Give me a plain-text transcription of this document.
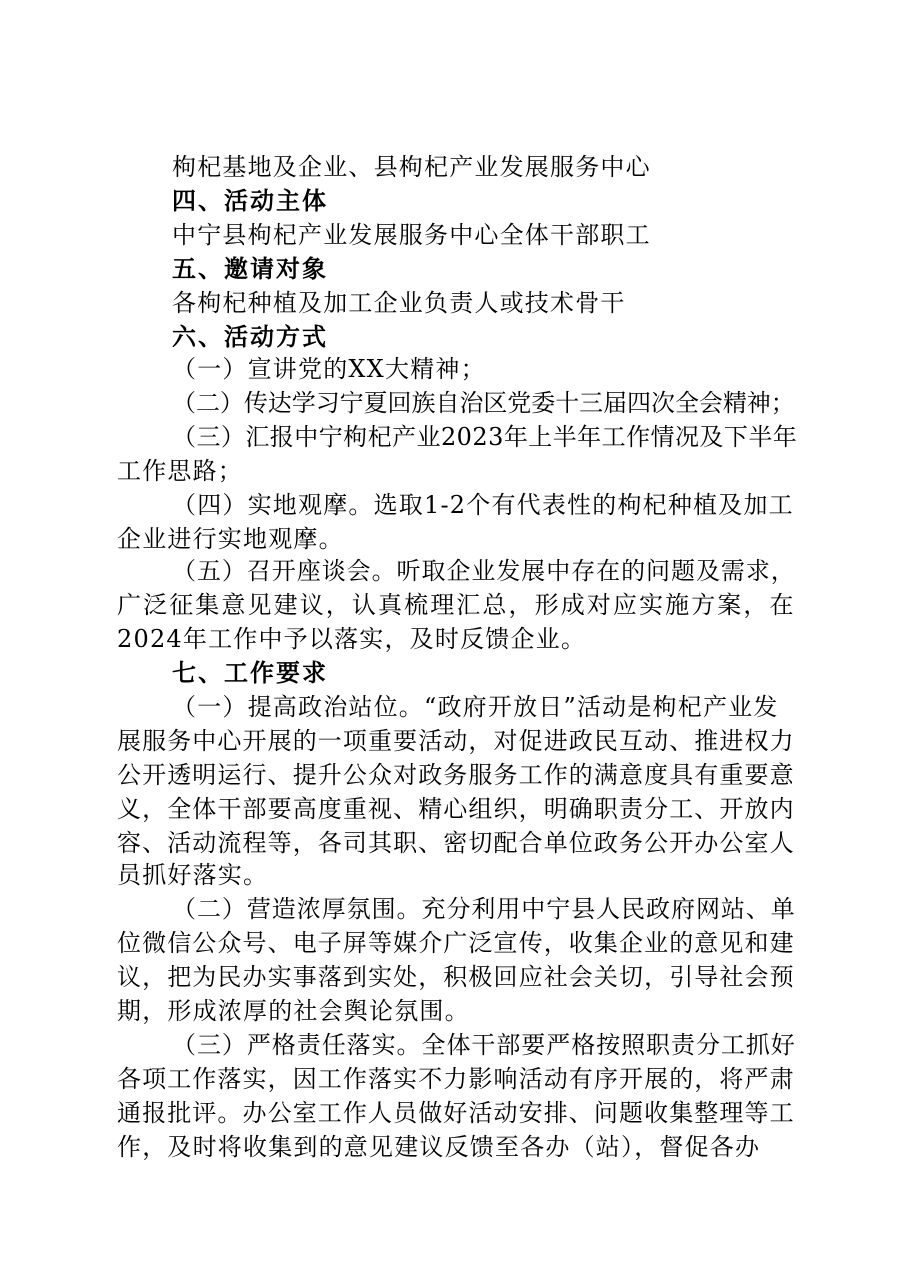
枸杞基地及企业、县枸杞产业发展服务中心

四、活动主体

中宁县枸杞产业发展服务中心全体干部职工

五、邀请对象

各枸杞种植及加工企业负责人或技术骨干

六、活动方式

（一）宣讲党的XX大精神；

（二）传达学习宁夏回族自治区党委十三届四次全会精神；

（三）汇报中宁枸杞产业2023年上半年工作情况及下半年

工作思路；

（四）实地观摩。选取1-2个有代表性的枸杞种植及加工

企业进行实地观摩。

（五）召开座谈会。听取企业发展中存在的问题及需求，

广泛征集意见建议，认真梳理汇总，形成对应实施方案，在

2024年工作中予以落实，及时反馈企业。

七、工作要求

（一）提高政治站位。“政府开放日”活动是枸杞产业发

展服务中心开展的一项重要活动，对促进政民互动、推进权力

公开透明运行、提升公众对政务服务工作的满意度具有重要意

义，全体干部要高度重视、精心组织，明确职责分工、开放内

容、活动流程等，各司其职、密切配合单位政务公开办公室人

员抓好落实。

（二）营造浓厚氛围。充分利用中宁县人民政府网站、单

位微信公众号、电子屏等媒介广泛宣传，收集企业的意见和建

议，把为民办实事落到实处，积极回应社会关切，引导社会预

期，形成浓厚的社会舆论氛围。

（三）严格责任落实。全体干部要严格按照职责分工抓好

各项工作落实，因工作落实不力影响活动有序开展的，将严肃

通报批评。办公室工作人员做好活动安排、问题收集整理等工

作，及时将收集到的意见建议反馈至各办（站），督促各办
